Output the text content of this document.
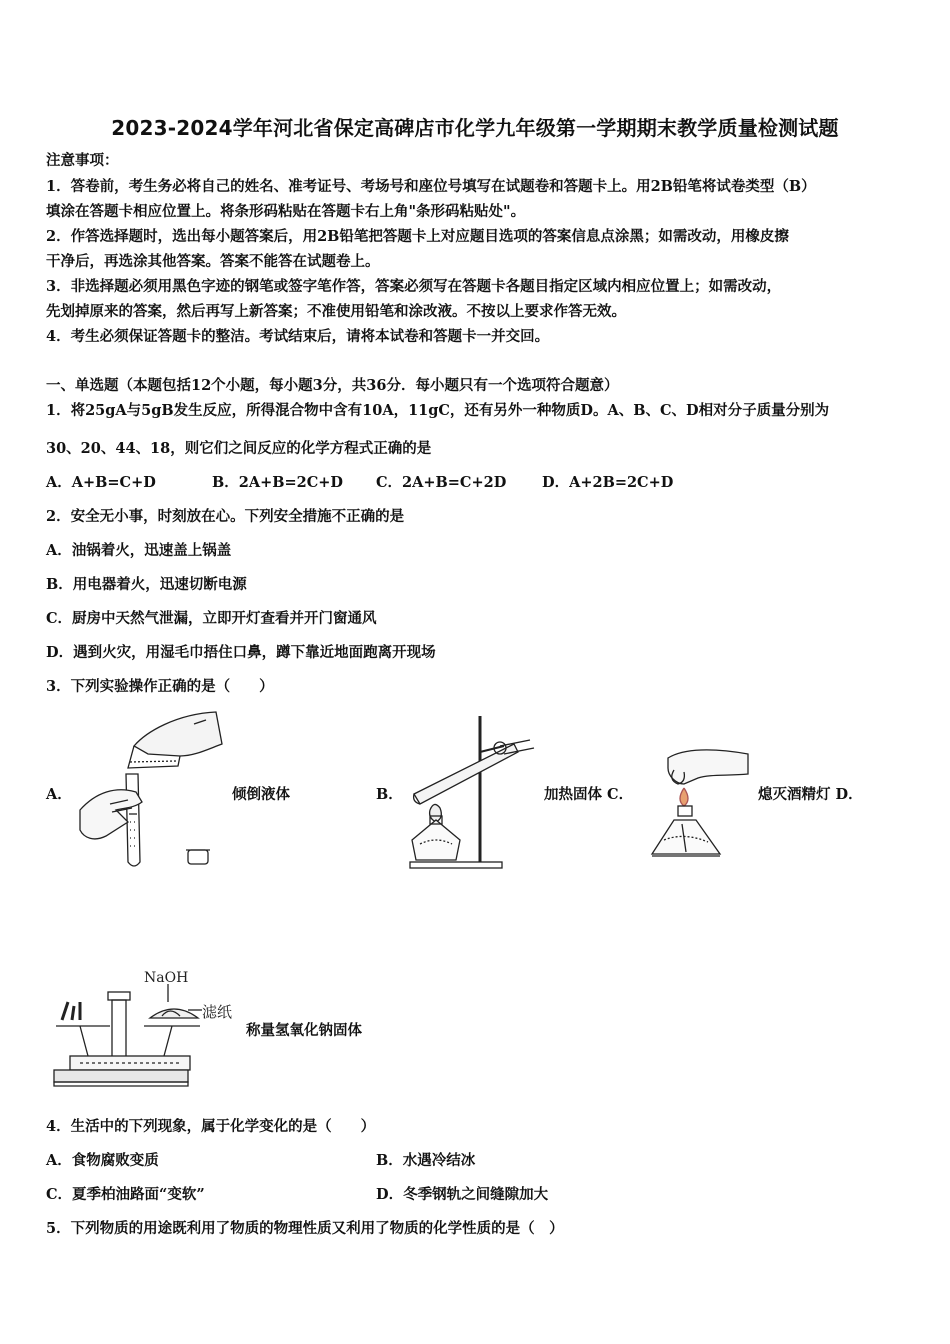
2023-2024学年河北省保定高碑店市化学九年级第一学期期末教学质量检测试题
注意事项：
1．答卷前，考生务必将自己的姓名、准考证号、考场号和座位号填写在试题卷和答题卡上。用2B铅笔将试卷类型（B）
填涂在答题卡相应位置上。将条形码粘贴在答题卡右上角"条形码粘贴处"。
2．作答选择题时，选出每小题答案后，用2B铅笔把答题卡上对应题目选项的答案信息点涂黑；如需改动，用橡皮擦
干净后，再选涂其他答案。答案不能答在试题卷上。
3．非选择题必须用黑色字迹的钢笔或签字笔作答，答案必须写在答题卡各题目指定区域内相应位置上；如需改动，
先划掉原来的答案，然后再写上新答案；不准使用铅笔和涂改液。不按以上要求作答无效。
4．考生必须保证答题卡的整洁。考试结束后，请将本试卷和答题卡一并交回。
一、单选题（本题包括12个小题，每小题3分，共36分．每小题只有一个选项符合题意）
1．将25gA与5gB发生反应，所得混合物中含有10A，11gC，还有另外一种物质D。A、B、C、D相对分子质量分别为
30、20、44、18，则它们之间反应的化学方程式正确的是
A．A+B=C+D	B．2A+B=2C+D C．2A+B=C+2D D．A+2B=2C+D
2．安全无小事，时刻放在心。下列安全措施不正确的是
A．油锅着火，迅速盖上锅盖
B．用电器着火，迅速切断电源
C．厨房中天然气泄漏，立即开灯查看并开门窗通风
D．遇到火灾，用湿毛巾捂住口鼻，蹲下靠近地面跑离开现场
3．下列实验操作正确的是（　　）
A．	倾倒液体	B．	加热固体 C．	熄灭酒精灯 D．
NaOH
滤纸
称量氢氧化钠固体
4．生活中的下列现象，属于化学变化的是（　　）
A．食物腐败变质	B．水遇冷结冰
C．夏季柏油路面“变软”	D．冬季钢轨之间缝隙加大
5．下列物质的用途既利用了物质的物理性质又利用了物质的化学性质的是（　）
